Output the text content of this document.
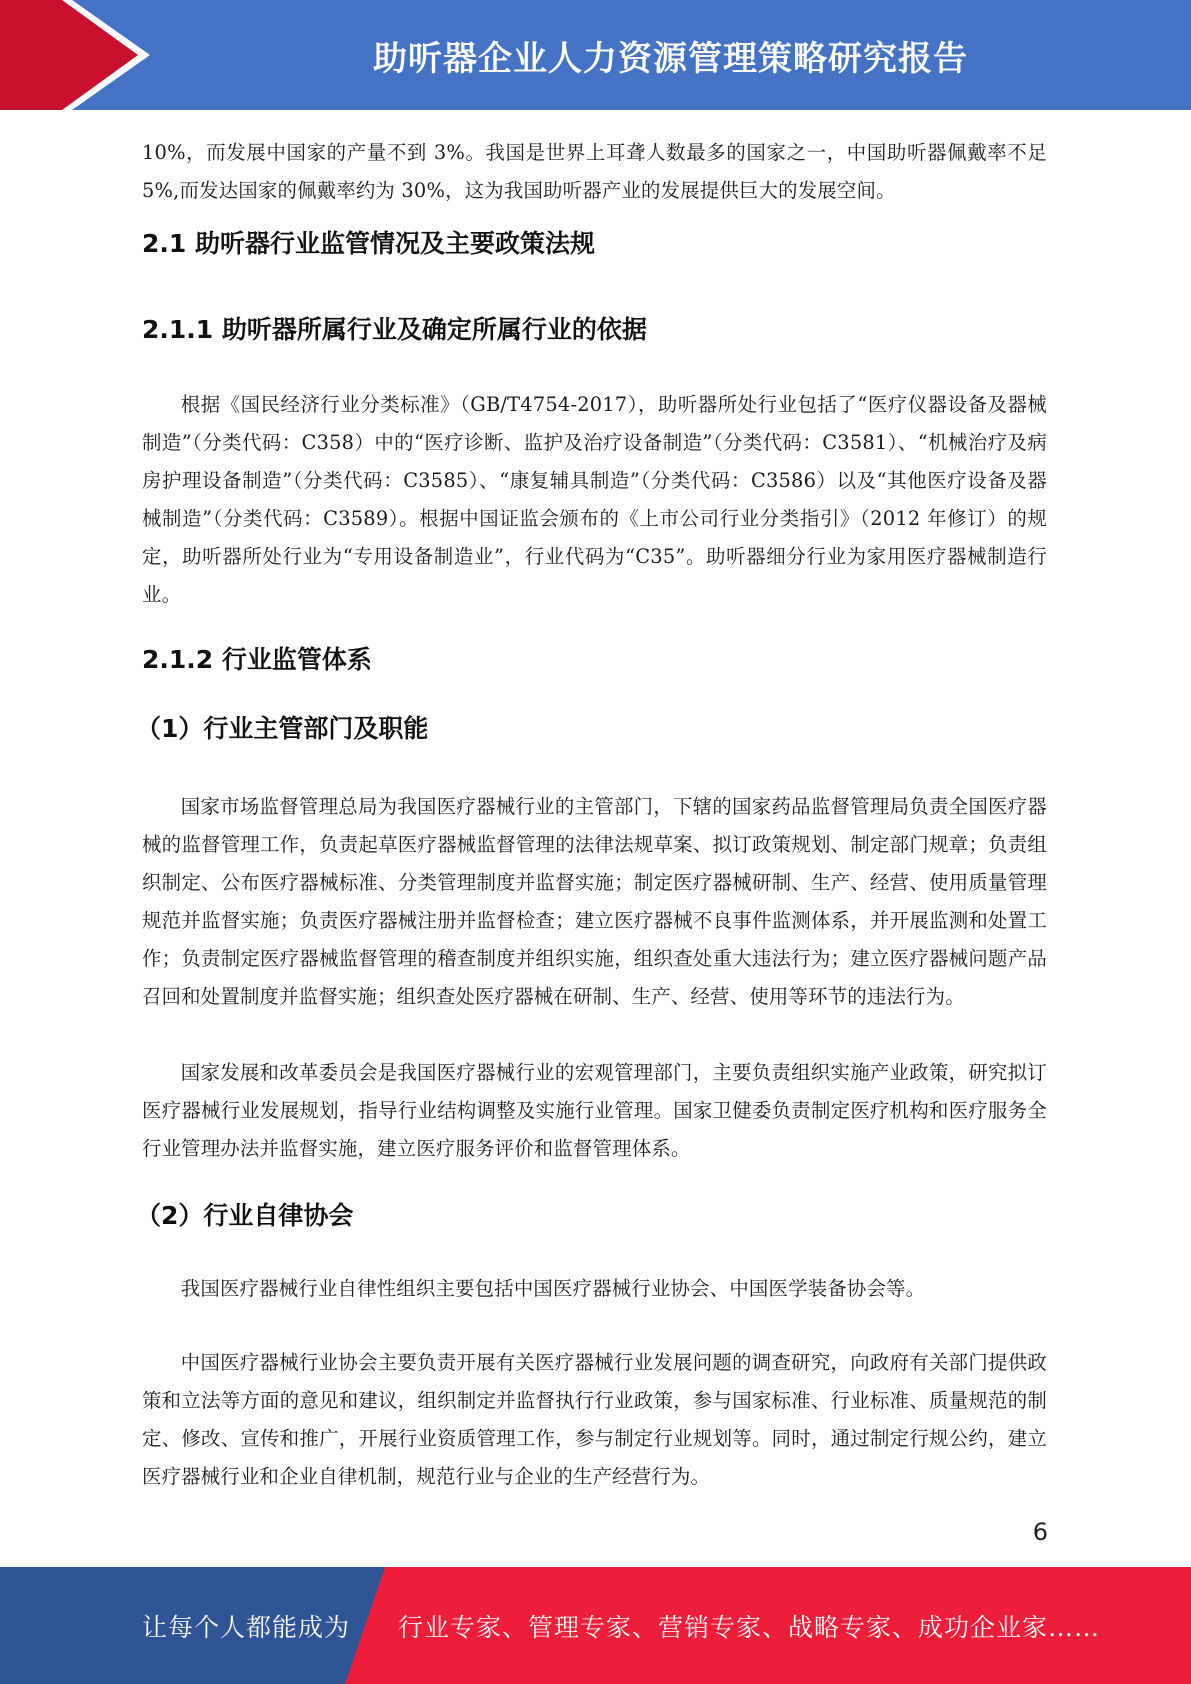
助听器企业人力资源管理策略研究报告

10%，而发展中国家的产量不到 3%。我国是世界上耳聋人数最多的国家之一，中国助听器佩戴率不足 5%,而发达国家的佩戴率约为 30%，这为我国助听器产业的发展提供巨大的发展空间。

2.1 助听器行业监管情况及主要政策法规
2.1.1 助听器所属行业及确定所属行业的依据

根据《国民经济行业分类标准》（GB/T4754-2017），助听器所处行业包括了“医疗仪器设备及器械制造”（分类代码：C358）中的“医疗诊断、监护及治疗设备制造”（分类代码：C3581）、“机械治疗及病房护理设备制造”（分类代码：C3585）、“康复辅具制造”（分类代码：C3586）以及“其他医疗设备及器械制造”（分类代码：C3589）。根据中国证监会颁布的《上市公司行业分类指引》（2012 年修订）的规定，助听器所处行业为“专用设备制造业”，行业代码为“C35”。助听器细分行业为家用医疗器械制造行业。

2.1.2 行业监管体系
（1）行业主管部门及职能

国家市场监督管理总局为我国医疗器械行业的主管部门，下辖的国家药品监督管理局负责全国医疗器械的监督管理工作，负责起草医疗器械监督管理的法律法规草案、拟订政策规划、制定部门规章；负责组织制定、公布医疗器械标准、分类管理制度并监督实施；制定医疗器械研制、生产、经营、使用质量管理规范并监督实施；负责医疗器械注册并监督检查；建立医疗器械不良事件监测体系，并开展监测和处置工作；负责制定医疗器械监督管理的稽查制度并组织实施，组织查处重大违法行为；建立医疗器械问题产品召回和处置制度并监督实施；组织查处医疗器械在研制、生产、经营、使用等环节的违法行为。

国家发展和改革委员会是我国医疗器械行业的宏观管理部门，主要负责组织实施产业政策，研究拟订医疗器械行业发展规划，指导行业结构调整及实施行业管理。国家卫健委负责制定医疗机构和医疗服务全行业管理办法并监督实施，建立医疗服务评价和监督管理体系。

（2）行业自律协会

我国医疗器械行业自律性组织主要包括中国医疗器械行业协会、中国医学装备协会等。

中国医疗器械行业协会主要负责开展有关医疗器械行业发展问题的调查研究，向政府有关部门提供政策和立法等方面的意见和建议，组织制定并监督执行行业政策，参与国家标准、行业标准、质量规范的制定、修改、宣传和推广，开展行业资质管理工作，参与制定行业规划等。同时，通过制定行规公约，建立医疗器械行业和企业自律机制，规范行业与企业的生产经营行为。

6
让每个人都能成为 行业专家、管理专家、营销专家、战略专家、成功企业家……
